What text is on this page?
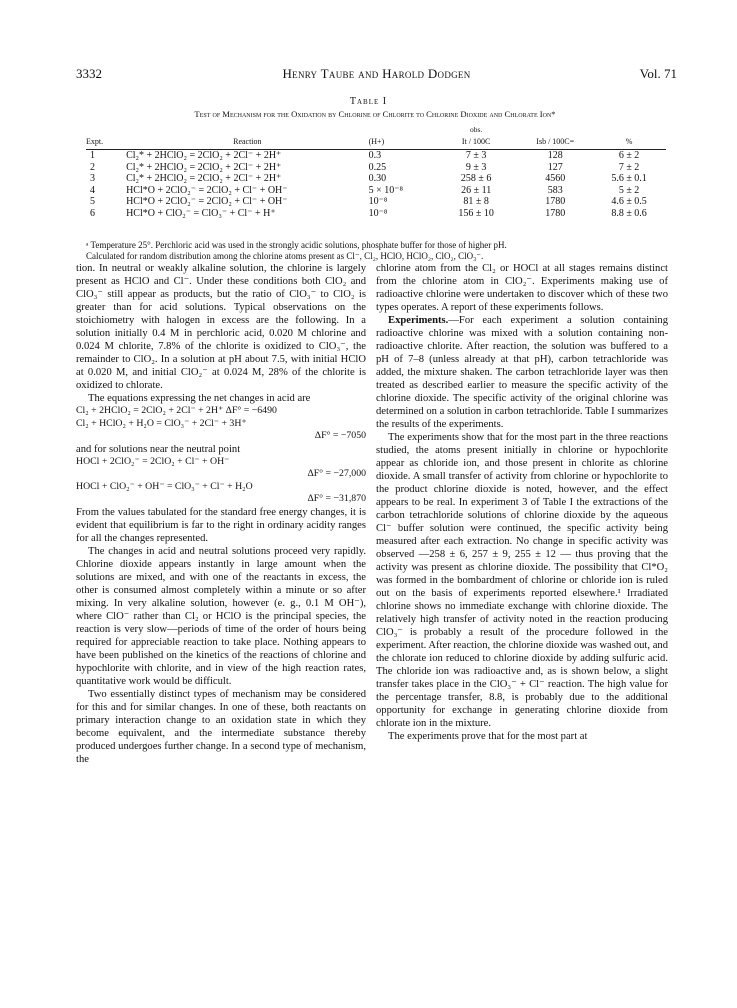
3332	Henry Taube and Harold Dodgen	Vol. 71
Table I
Test of Mechanism for the Oxidation by Chlorine of Chlorite to Chlorine Dioxide and Chlorate Ion*
			obs.		
Expt.	Reaction	(H+)	It / 100C	Isb / 100C=	%
1	Cl₂* + 2HClO₂ = 2ClO₂ + 2Cl⁻ + 2H⁺	0.3	7 ± 3	128	6 ± 2
2	Cl₂* + 2HClO₂ = 2ClO₂ + 2Cl⁻ + 2H⁺	0.25	9 ± 3	127	7 ± 2
3	Cl₂* + 2HClO₂ = 2ClO₂ + 2Cl⁻ + 2H⁺	0.30	258 ± 6	4560	5.6 ± 0.1
4	HCl*O + 2ClO₂⁻ = 2ClO₂ + Cl⁻ + OH⁻	5 × 10⁻⁸	26 ± 11	583	5 ± 2
5	HCl*O + 2ClO₂⁻ = 2ClO₂ + Cl⁻ + OH⁻	10⁻⁸	81 ± 8	1780	4.6 ± 0.5
6	HCl*O + ClO₂⁻ = ClO₃⁻ + Cl⁻ + H⁺	10⁻⁸	156 ± 10	1780	8.8 ± 0.6
ᵃ Temperature 25°. Perchloric acid was used in the strongly acidic solutions, phosphate buffer for those of higher pH.
Calculated for random distribution among the chlorine atoms present as Cl⁻, Cl₂, HClO, HClO₂, ClO₂, ClO₃⁻.

tion. In neutral or weakly alkaline solution, the chlorine is largely present as HClO and Cl⁻. Under these conditions both ClO₂ and ClO₃⁻ still appear as products, but the ratio of ClO₃⁻ to ClO₂ is greater than for acid solutions. Typical observations on the stoichiometry with halogen in excess are the following. In a solution initially 0.4 M in perchloric acid, 0.020 M chlorine and 0.024 M chlorite, 7.8% of the chlorite is oxidized to ClO₃⁻, the remainder to ClO₂. In a solution at pH about 7.5, with initial HClO at 0.020 M, and initial ClO₂⁻ at 0.024 M, 28% of the chlorite is oxidized to chlorate.

The equations expressing the net changes in acid are

Cl₂ + 2HClO₂ = 2ClO₂ + 2Cl⁻ + 2H⁺ ΔF° = −6490
Cl₂ + HClO₂ + H₂O = ClO₃⁻ + 2Cl⁻ + 3H⁺
ΔF° = −7050

and for solutions near the neutral point

HOCl + 2ClO₂⁻ = 2ClO₂ + Cl⁻ + OH⁻
ΔF° = −27,000
HOCl + ClO₂⁻ + OH⁻ = ClO₃⁻ + Cl⁻ + H₂O
ΔF° = −31,870

From the values tabulated for the standard free energy changes, it is evident that equilibrium is far to the right in ordinary acidity ranges for all the changes represented.

The changes in acid and neutral solutions proceed very rapidly. Chlorine dioxide appears instantly in large amount when the solutions are mixed, and with one of the reactants in excess, the other is consumed almost completely within a minute or so after mixing. In very alkaline solution, however (e. g., 0.1 M OH⁻), where ClO⁻ rather than Cl₂ or HClO is the principal species, the reaction is very slow—periods of time of the order of hours being required for appreciable reaction to take place. Nothing appears to have been published on the kinetics of the reactions of chlorine and hypochlorite with chlorite, and in view of the high reaction rates, quantitative work would be difficult.

Two essentially distinct types of mechanism may be considered for this and for similar changes. In one of these, both reactants on primary interaction change to an oxidation state in which they become equivalent, and the intermediate substance thereby produced undergoes further change. In a second type of mechanism, the

chlorine atom from the Cl₂ or HOCl at all stages remains distinct from the chlorine atom in ClO₂⁻. Experiments making use of radioactive chlorine were undertaken to discover which of these two types operates. A report of these experiments follows.

Experiments.—For each experiment a solution containing radioactive chlorine was mixed with a solution containing non-radioactive chlorite. After reaction, the solution was buffered to a pH of 7–8 (unless already at that pH), carbon tetrachloride was added, the mixture shaken. The carbon tetrachloride layer was then treated as described earlier to measure the specific activity of the chlorine dioxide. The specific activity of the original chlorine was determined on a solution in carbon tetrachloride. Table I summarizes the results of the experiments.

The experiments show that for the most part in the three reactions studied, the atoms present initially in chlorine or hypochlorite appear as chloride ion, and those present in chlorite as chlorine dioxide. A small transfer of activity from chlorine or hypochlorite to the product chlorine dioxide is noted, however, and the effect appears to be real. In experiment 3 of Table I the extractions of the carbon tetrachloride solutions of chlorine dioxide by the aqueous Cl⁻ buffer solution were continued, the specific activity being measured after each extraction. No change in specific activity was observed —258 ± 6, 257 ± 9, 255 ± 12 — thus proving that the activity was present as chlorine dioxide. The possibility that Cl*O₂ was formed in the bombardment of chlorine or chloride ion is ruled out on the basis of experiments reported elsewhere.¹ Irradiated chlorine shows no immediate exchange with chlorine dioxide. The relatively high transfer of activity noted in the reaction producing ClO₃⁻ is probably a result of the procedure followed in the experiment. After reaction, the chlorine dioxide was washed out, and the chlorate ion reduced to chlorine dioxide by adding sulfuric acid. The chloride ion was radioactive and, as is shown below, a slight transfer takes place in the ClO₃⁻ + Cl⁻ reaction. The high value for the percentage transfer, 8.8, is probably due to the additional opportunity for exchange in generating chlorine dioxide from chlorate ion in the mixture.

The experiments prove that for the most part at
